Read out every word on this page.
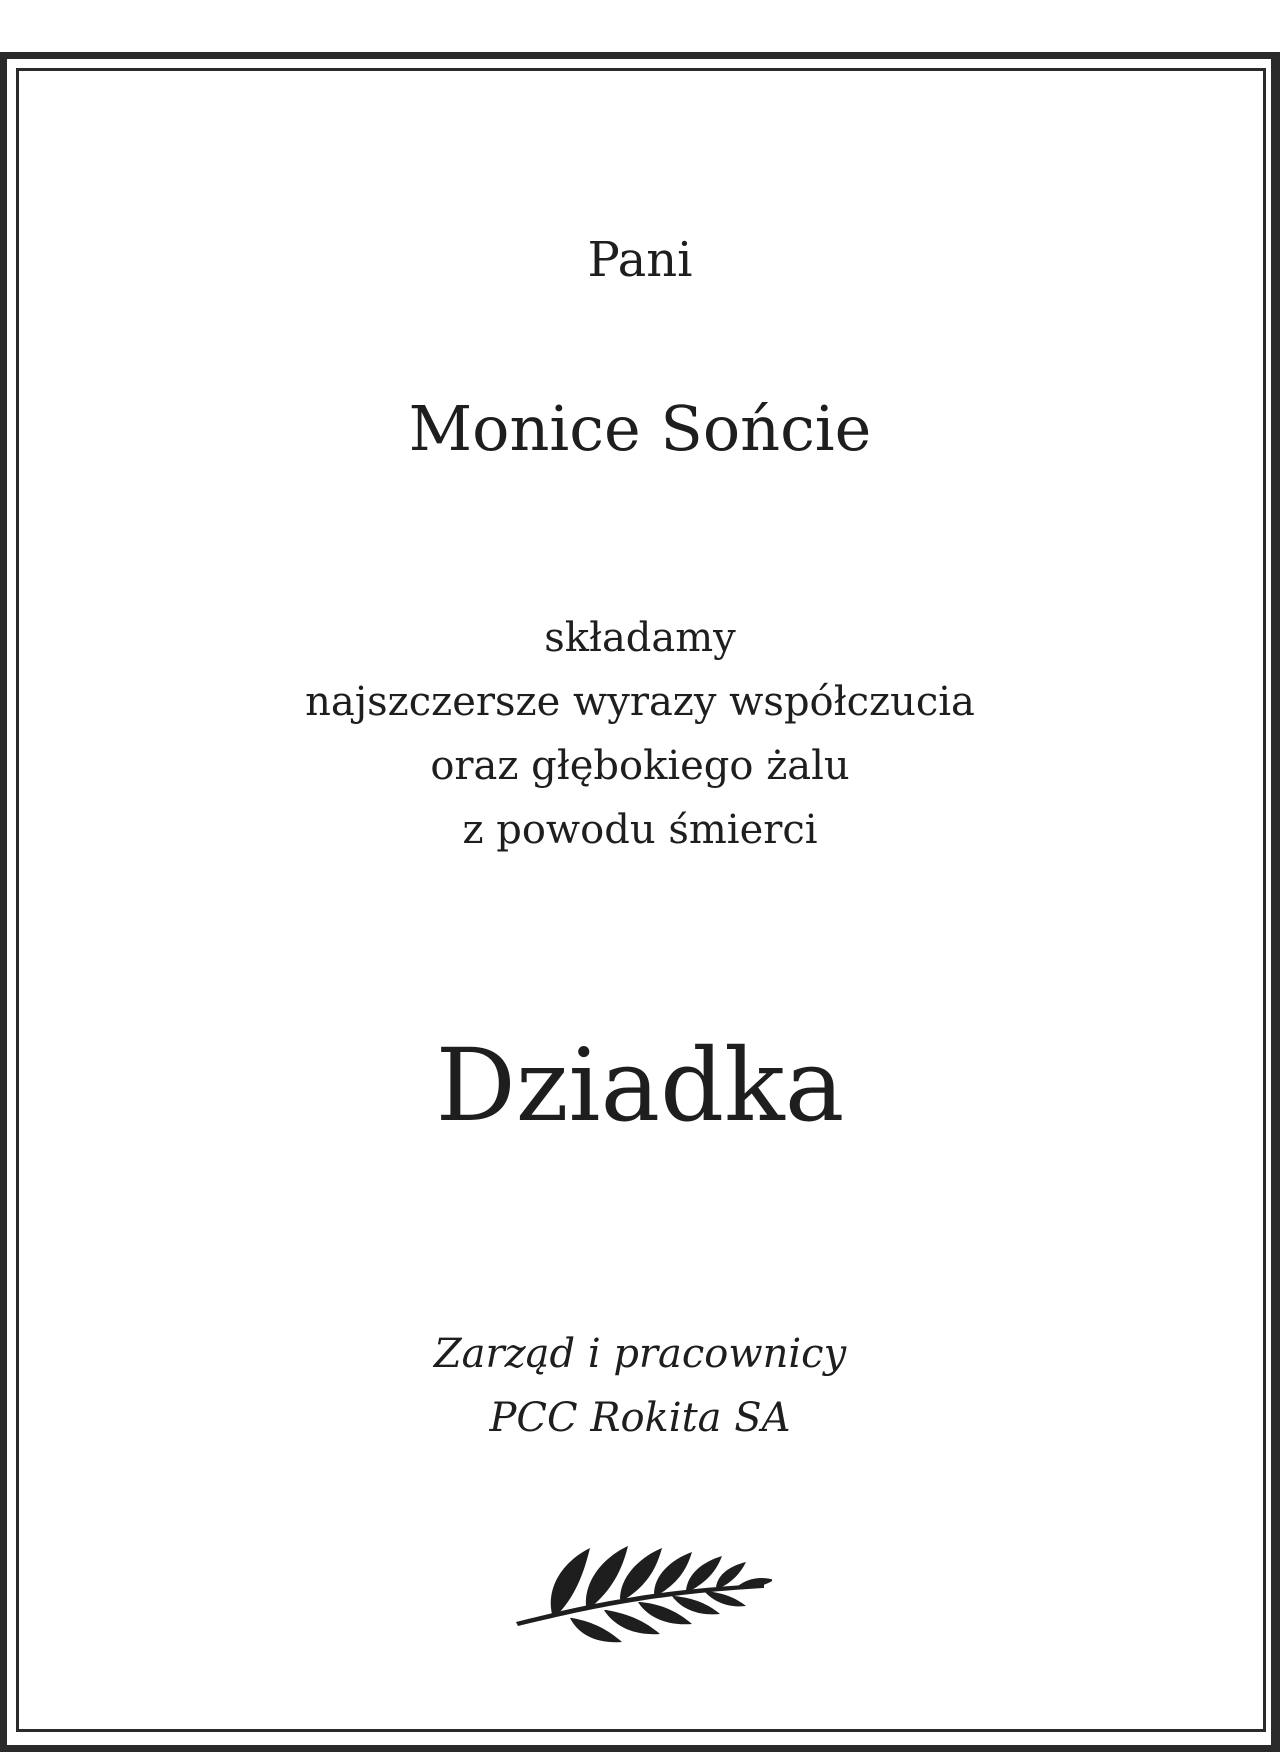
Pani
Monice Sońcie
składamy
najszczersze wyrazy współczucia
oraz głębokiego żalu
z powodu śmierci
Dziadka
Zarząd i pracownicy
PCC Rokita SA
